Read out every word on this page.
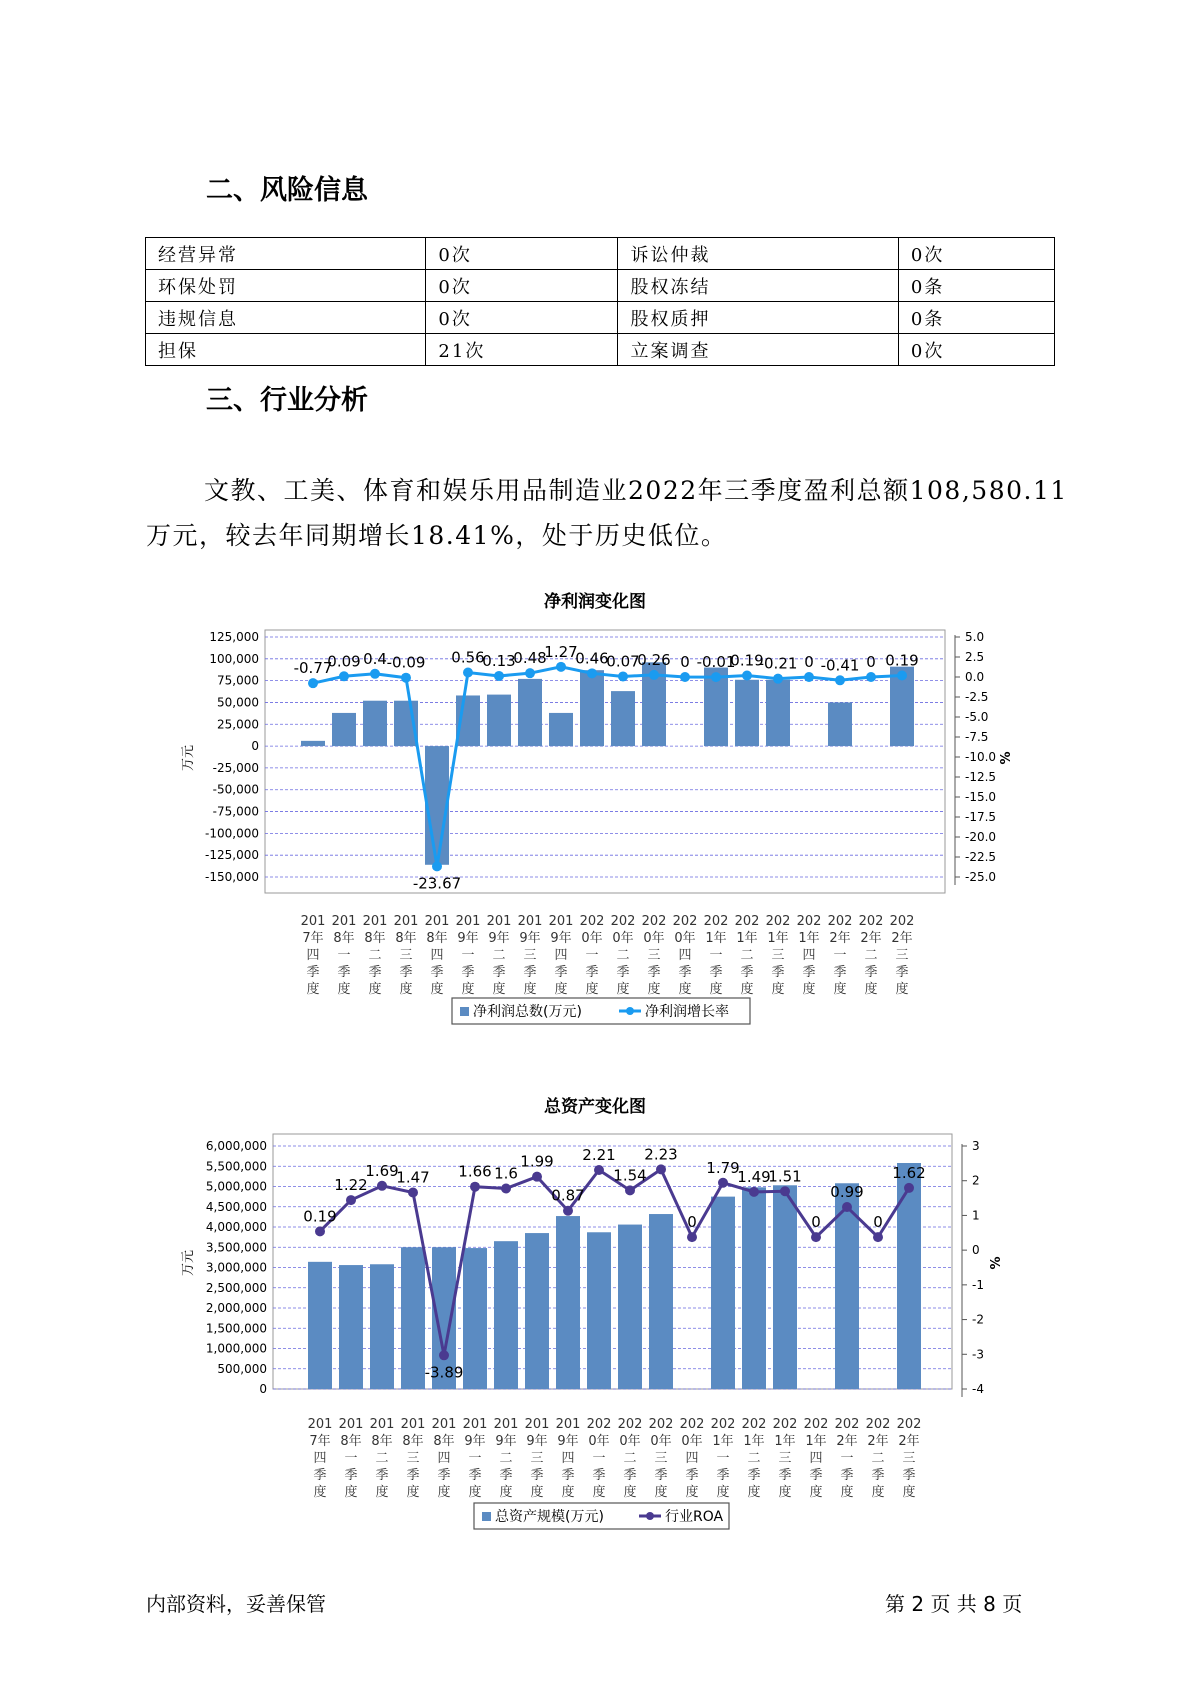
二、风险信息
经营异常	0次	诉讼仲裁	0次
环保处罚	0次	股权冻结	0条
违规信息	0次	股权质押	0条
担保	21次	立案调查	0次
三、行业分析

文教、工美、体育和娱乐用品制造业2022年三季度盈利总额108,580.11万元，较去年同期增长18.41%，处于历史低位。

净利润变化图
125,000
100,000
75,000
50,000
25,000
0
-25,000
-50,000
-75,000
-100,000
-125,000
-150,000
5.0
2.5
0.0
-2.5
-5.0
-7.5
-10.0
-12.5
-15.0
-17.5
-20.0
-22.5
-25.0
万元	%
-0.77
0.09 0.4 -0.09
-23.67
0.56
0.13
0.48
1.27
0.46
0.07
0.26 0 -0.01
0.19
-0.21 0 -0.41 0 0.19
201
7年
四
季
度
201
8年
一
季
度
201
8年
二
季
度
201
8年
三
季
度
201
8年
四
季
度
201
9年
一
季
度
201
9年
二
季
度
201
9年
三
季
度
201
9年
四
季
度
202
0年
一
季
度
202
0年
二
季
度
202
0年
三
季
度
202
0年
四
季
度
202
1年
一
季
度
202
1年
二
季
度
202
1年
三
季
度
202
1年
四
季
度
202
2年
一
季
度
202
2年
二
季
度
202
2年
三
季
度
净利润总数(万元)	净利润增长率
总资产变化图
6,000,000
5,500,000
5,000,000
4,500,000
4,000,000
3,500,000
3,000,000
2,500,000
2,000,000
1,500,000
1,000,000
500,000
0
3
2
1
0
-1
-2
-3
-4
万元	%
0.19
1.22
1.69
1.47
-3.89
1.66 1.6
1.99
0.87
2.21
1.54
2.23
0
1.79
1.49
1.51
0
0.99
0
1.62
201
7年
四
季
度
201
8年
一
季
度
201
8年
二
季
度
201
8年
三
季
度
201
8年
四
季
度
201
9年
一
季
度
201
9年
二
季
度
201
9年
三
季
度
201
9年
四
季
度
202
0年
一
季
度
202
0年
二
季
度
202
0年
三
季
度
202
0年
四
季
度
202
1年
一
季
度
202
1年
二
季
度
202
1年
三
季
度
202
1年
四
季
度
202
2年
一
季
度
202
2年
二
季
度
202
2年
三
季
度
总资产规模(万元)	行业ROA
内部资料，妥善保管	第 2 页 共 8 页
